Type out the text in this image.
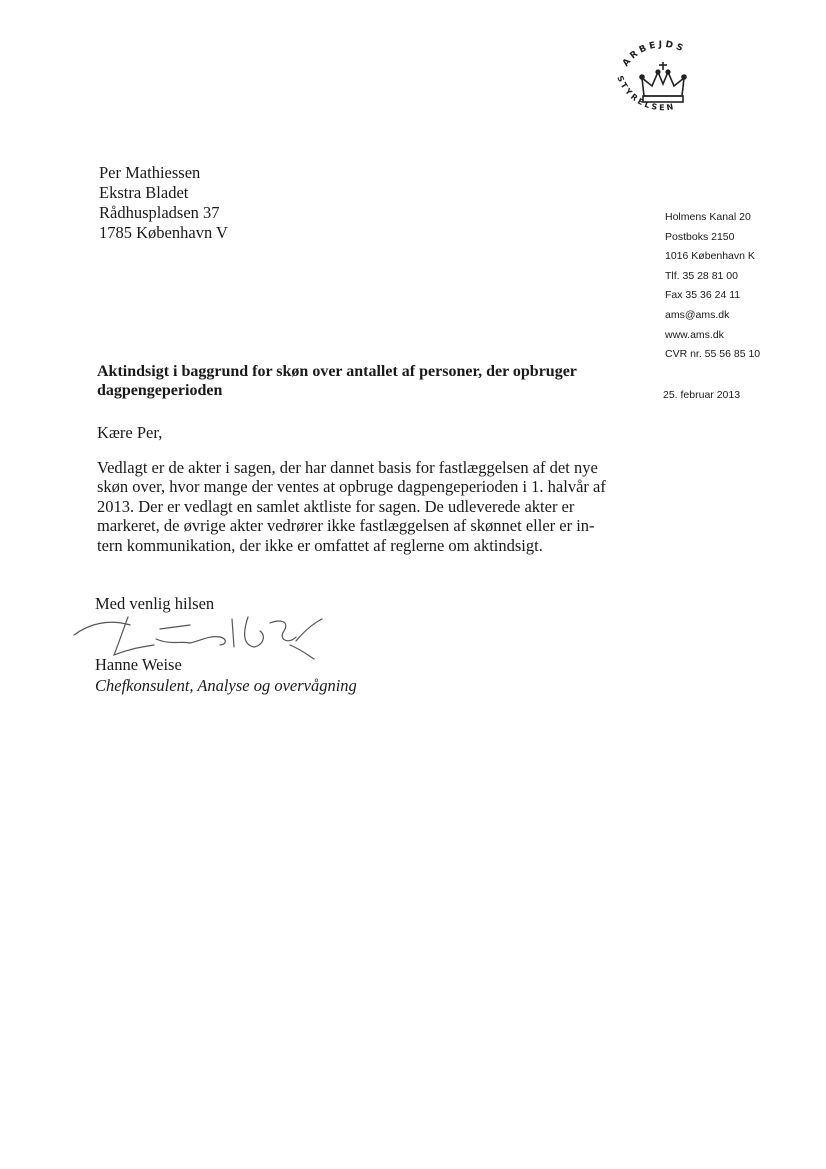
ARBEJDS
STYRELSEN
Per Mathiessen
Ekstra Bladet
Rådhuspladsen 37
1785 København V
Holmens Kanal 20
Postboks 2150
1016 København K
Tlf. 35 28 81 00
Fax 35 36 24 11
ams@ams.dk
www.ams.dk
CVR nr. 55 56 85 10
Aktindsigt i baggrund for skøn over antallet af personer, der opbruger
dagpengeperioden	25. februar 2013
Kære Per,
Vedlagt er de akter i sagen, der har dannet basis for fastlæggelsen af det nye
skøn over, hvor mange der ventes at opbruge dagpengeperioden i 1. halvår af
2013. Der er vedlagt en samlet aktliste for sagen. De udleverede akter er
markeret, de øvrige akter vedrører ikke fastlæggelsen af skønnet eller er in-
tern kommunikation, der ikke er omfattet af reglerne om aktindsigt.
Med venlig hilsen
Hanne Weise
Chefkonsulent, Analyse og overvågning
